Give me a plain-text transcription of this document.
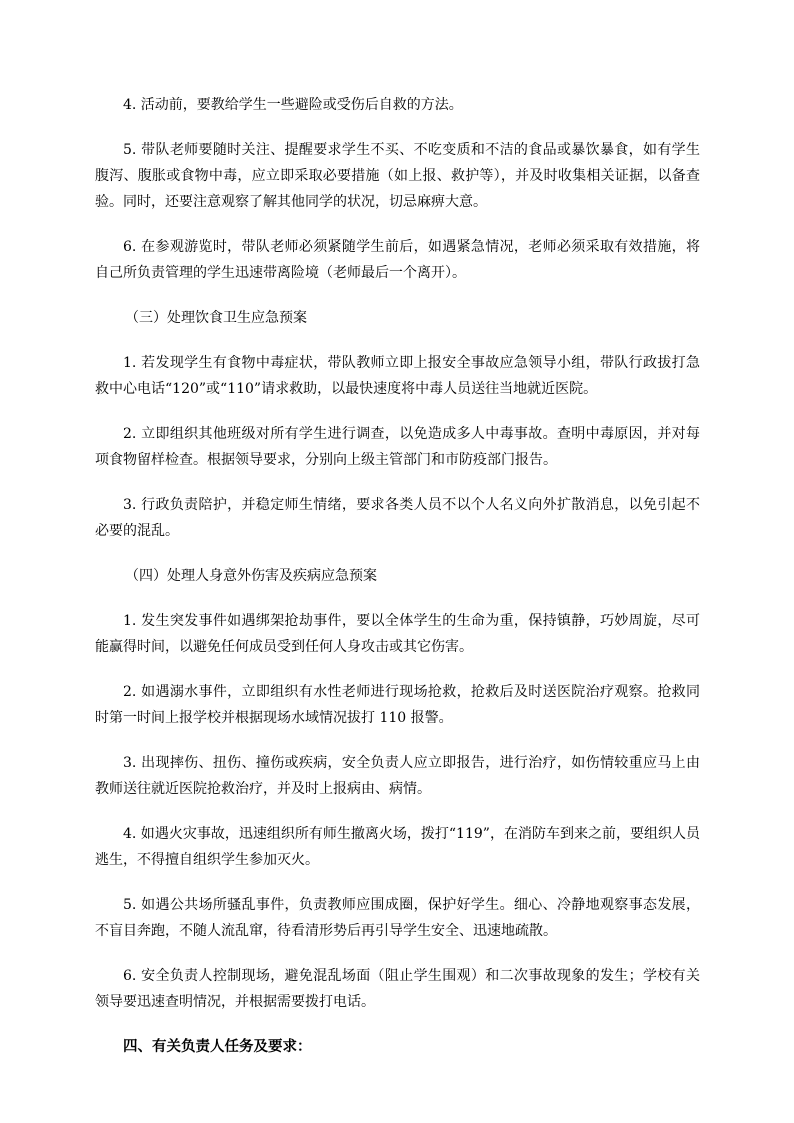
4. 活动前，要教给学生一些避险或受伤后自救的方法。

5. 带队老师要随时关注、提醒要求学生不买、不吃变质和不洁的食品或暴饮暴食，如有学生腹泻、腹胀或食物中毒，应立即采取必要措施（如上报、救护等），并及时收集相关证据，以备查验。同时，还要注意观察了解其他同学的状况，切忌麻痹大意。

6. 在参观游览时，带队老师必须紧随学生前后，如遇紧急情况，老师必须采取有效措施，将自己所负责管理的学生迅速带离险境（老师最后一个离开）。

（三）处理饮食卫生应急预案

1. 若发现学生有食物中毒症状，带队教师立即上报安全事故应急领导小组，带队行政拔打急救中心电话“120”或“110”请求救助，以最快速度将中毒人员送往当地就近医院。

2. 立即组织其他班级对所有学生进行调查，以免造成多人中毒事故。查明中毒原因，并对每项食物留样检查。根据领导要求，分别向上级主管部门和市防疫部门报告。

3. 行政负责陪护，并稳定师生情绪，要求各类人员不以个人名义向外扩散消息，以免引起不必要的混乱。

（四）处理人身意外伤害及疾病应急预案

1. 发生突发事件如遇绑架抢劫事件，要以全体学生的生命为重，保持镇静，巧妙周旋，尽可能赢得时间，以避免任何成员受到任何人身攻击或其它伤害。

2. 如遇溺水事件，立即组织有水性老师进行现场抢救，抢救后及时送医院治疗观察。抢救同时第一时间上报学校并根据现场水域情况拔打 110 报警。

3. 出现摔伤、扭伤、撞伤或疾病，安全负责人应立即报告，进行治疗，如伤情较重应马上由教师送往就近医院抢救治疗，并及时上报病由、病情。

4. 如遇火灾事故，迅速组织所有师生撤离火场，拨打“119”，在消防车到来之前，要组织人员逃生，不得擅自组织学生参加灭火。

5. 如遇公共场所骚乱事件，负责教师应围成圈，保护好学生。细心、冷静地观察事态发展，不盲目奔跑，不随人流乱窜，待看清形势后再引导学生安全、迅速地疏散。

6. 安全负责人控制现场，避免混乱场面（阻止学生围观）和二次事故现象的发生；学校有关领导要迅速查明情况，并根据需要拨打电话。

四、有关负责人任务及要求：
